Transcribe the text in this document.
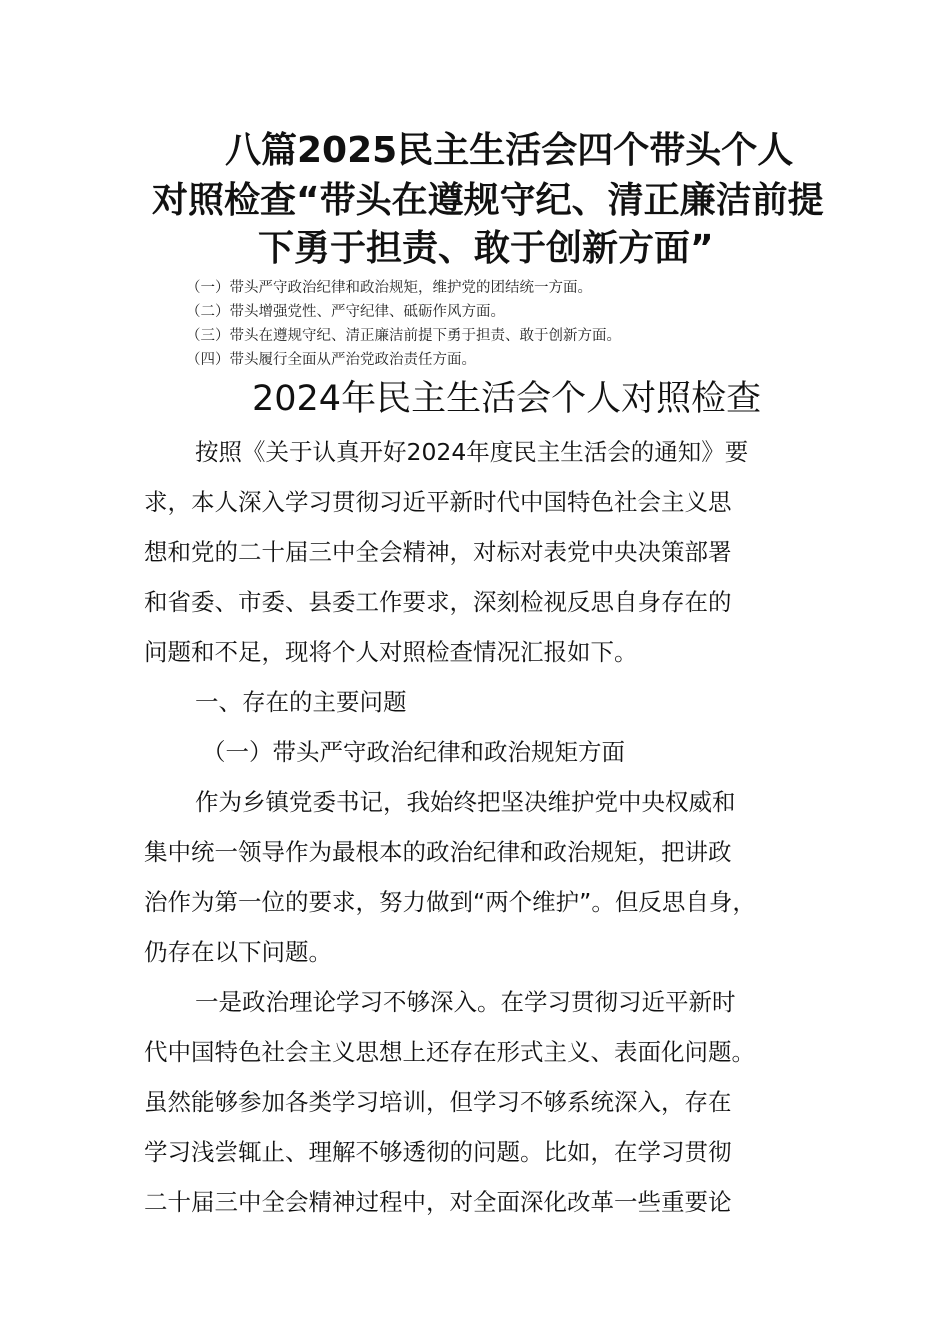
八篇2025民主生活会四个带头个人
对照检查“带头在遵规守纪、清正廉洁前提
下勇于担责、敢于创新方面”
（一）带头严守政治纪律和政治规矩，维护党的团结统一方面。
（二）带头增强党性、严守纪律、砥砺作风方面。
（三）带头在遵规守纪、清正廉洁前提下勇于担责、敢于创新方面。
（四）带头履行全面从严治党政治责任方面。
2024年民主生活会个人对照检查
按照《关于认真开好2024年度民主生活会的通知》要
求，本人深入学习贯彻习近平新时代中国特色社会主义思
想和党的二十届三中全会精神，对标对表党中央决策部署
和省委、市委、县委工作要求，深刻检视反思自身存在的
问题和不足，现将个人对照检查情况汇报如下。
一、存在的主要问题
（一）带头严守政治纪律和政治规矩方面
作为乡镇党委书记，我始终把坚决维护党中央权威和
集中统一领导作为最根本的政治纪律和政治规矩，把讲政
治作为第一位的要求，努力做到“两个维护”。但反思自身，
仍存在以下问题。
一是政治理论学习不够深入。在学习贯彻习近平新时
代中国特色社会主义思想上还存在形式主义、表面化问题。
虽然能够参加各类学习培训，但学习不够系统深入，存在
学习浅尝辄止、理解不够透彻的问题。比如，在学习贯彻
二十届三中全会精神过程中，对全面深化改革一些重要论
